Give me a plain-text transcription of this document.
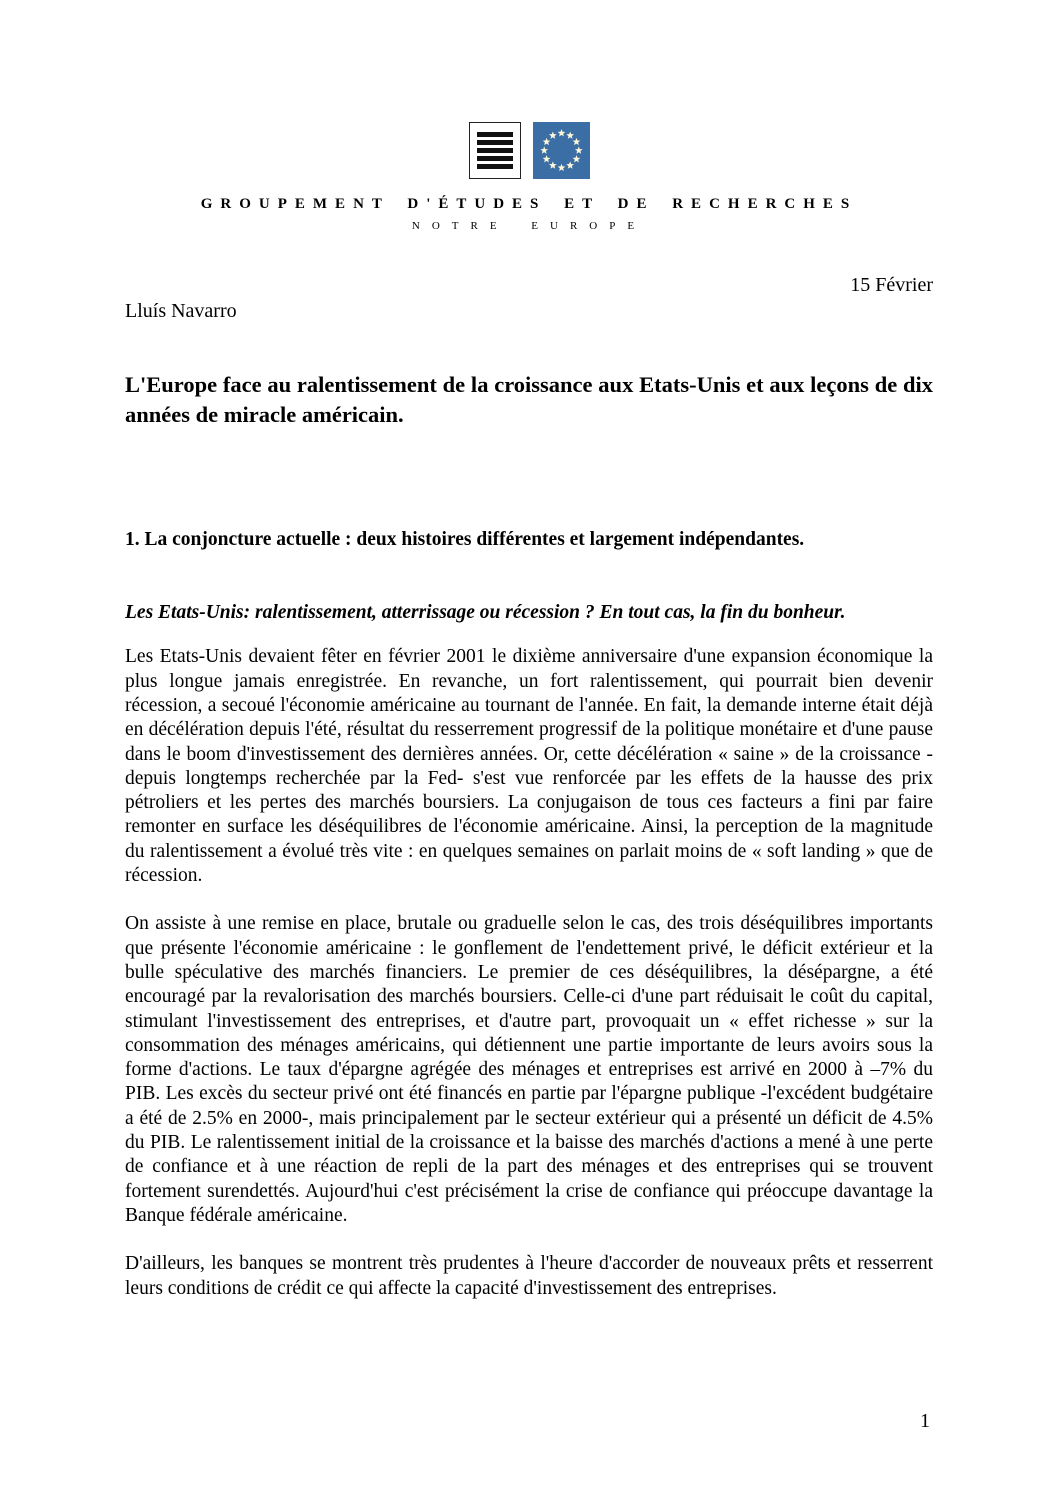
GROUPEMENT D'ÉTUDES ET DE RECHERCHES
NOTRE EUROPE
15 Février
Lluís Navarro
L'Europe face au ralentissement de la croissance aux Etats-Unis et aux leçons de dix années de miracle américain.
1. La conjoncture actuelle : deux histoires différentes et largement indépendantes.
Les Etats-Unis: ralentissement, atterrissage ou récession ? En tout cas, la fin du bonheur.

Les Etats-Unis devaient fêter en février 2001 le dixième anniversaire d'une expansion économique la plus longue jamais enregistrée. En revanche, un fort ralentissement, qui pourrait bien devenir récession, a secoué l'économie américaine au tournant de l'année. En fait, la demande interne était déjà en décélération depuis l'été, résultat du resserrement progressif de la politique monétaire et d'une pause dans le boom d'investissement des dernières années. Or, cette décélération « saine » de la croissance -depuis longtemps recherchée par la Fed- s'est vue renforcée par les effets de la hausse des prix pétroliers et les pertes des marchés boursiers. La conjugaison de tous ces facteurs a fini par faire remonter en surface les déséquilibres de l'économie américaine. Ainsi, la perception de la magnitude du ralentissement a évolué très vite : en quelques semaines on parlait moins de « soft landing » que de récession.

On assiste à une remise en place, brutale ou graduelle selon le cas, des trois déséquilibres importants que présente l'économie américaine : le gonflement de l'endettement privé, le déficit extérieur et la bulle spéculative des marchés financiers. Le premier de ces déséquilibres, la désépargne, a été encouragé par la revalorisation des marchés boursiers. Celle-ci d'une part réduisait le coût du capital, stimulant l'investissement des entreprises, et d'autre part, provoquait un « effet richesse » sur la consommation des ménages américains, qui détiennent une partie importante de leurs avoirs sous la forme d'actions. Le taux d'épargne agrégée des ménages et entreprises est arrivé en 2000 à –7% du PIB. Les excès du secteur privé ont été financés en partie par l'épargne publique -l'excédent budgétaire a été de 2.5% en 2000-, mais principalement par le secteur extérieur qui a présenté un déficit de 4.5% du PIB. Le ralentissement initial de la croissance et la baisse des marchés d'actions a mené à une perte de confiance et à une réaction de repli de la part des ménages et des entreprises qui se trouvent fortement surendettés. Aujourd'hui c'est précisément la crise de confiance qui préoccupe davantage la Banque fédérale américaine.

D'ailleurs, les banques se montrent très prudentes à l'heure d'accorder de nouveaux prêts et resserrent leurs conditions de crédit ce qui affecte la capacité d'investissement des entreprises.

1
